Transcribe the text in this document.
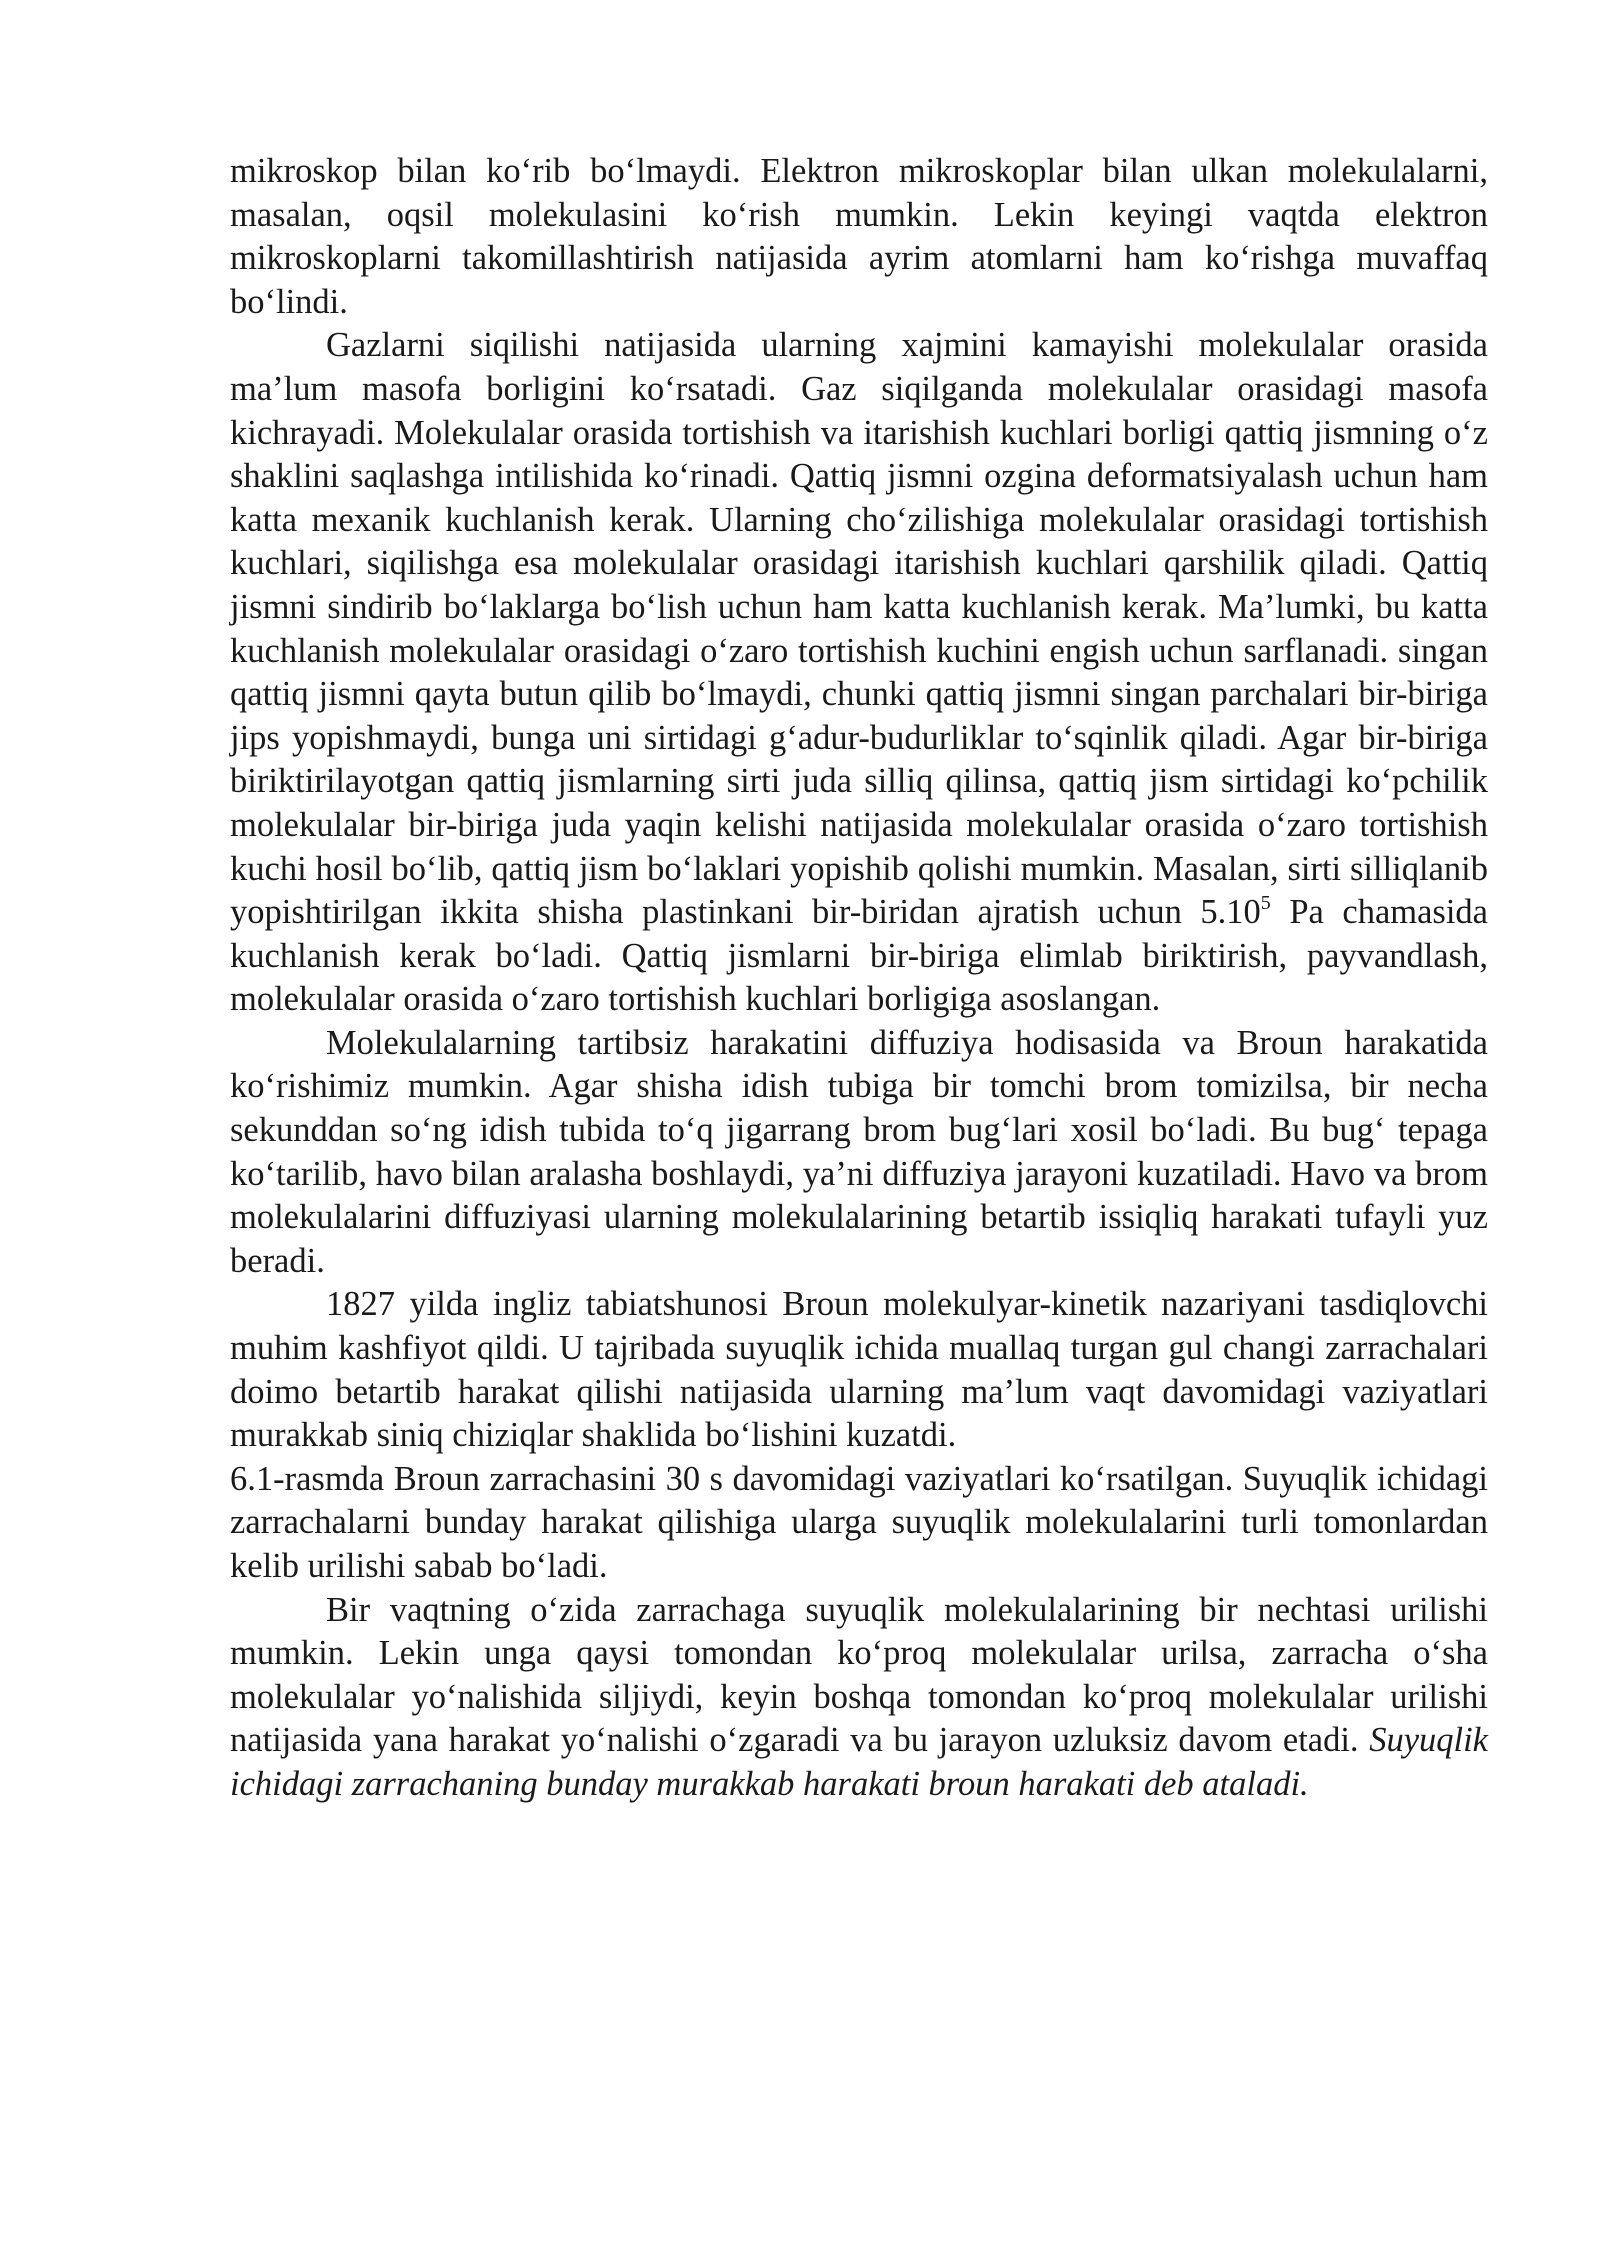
mikroskop bilan ko‘rib bo‘lmaydi. Elektron mikroskoplar bilan ulkan molekulalarni, masalan, oqsil molekulasini ko‘rish mumkin. Lekin keyingi vaqtda elektron mikroskoplarni takomillashtirish natijasida ayrim atomlarni ham ko‘rishga muvaffaq bo‘lindi.

Gazlarni siqilishi natijasida ularning xajmini kamayishi molekulalar orasida ma’lum masofa borligini ko‘rsatadi. Gaz siqilganda molekulalar orasidagi masofa kichrayadi. Molekulalar orasida tortishish va itarishish kuchlari borligi qattiq jismning o‘z shaklini saqlashga intilishida ko‘rinadi. Qattiq jismni ozgina deformatsiyalash uchun ham katta mexanik kuchlanish kerak. Ularning cho‘zilishiga molekulalar orasidagi tortishish kuchlari, siqilishga esa molekulalar orasidagi itarishish kuchlari qarshilik qiladi. Qattiq jismni sindirib bo‘laklarga bo‘lish uchun ham katta kuchlanish kerak. Ma’lumki, bu katta kuchlanish molekulalar orasidagi o‘zaro tortishish kuchini engish uchun sarflanadi. singan qattiq jismni qayta butun qilib bo‘lmaydi, chunki qattiq jismni singan parchalari bir-biriga jips yopishmaydi, bunga uni sirtidagi g‘adur-budurliklar to‘sqinlik qiladi. Agar bir-biriga biriktirilayotgan qattiq jismlarning sirti juda silliq qilinsa, qattiq jism sirtidagi ko‘pchilik molekulalar bir-biriga juda yaqin kelishi natijasida molekulalar orasida o‘zaro tortishish kuchi hosil bo‘lib, qattiq jism bo‘laklari yopishib qolishi mumkin. Masalan, sirti silliqlanib yopishtirilgan ikkita shisha plastinkani bir-biridan ajratish uchun 5.10$^5$ Pa chamasida kuchlanish kerak bo‘ladi. Qattiq jismlarni bir-biriga elimlab biriktirish, payvandlash, molekulalar orasida o‘zaro tortishish kuchlari borligiga asoslangan.

Molekulalarning tartibsiz harakatini diffuziya hodisasida va Broun harakatida ko‘rishimiz mumkin. Agar shisha idish tubiga bir tomchi brom tomizilsa, bir necha sekunddan so‘ng idish tubida to‘q jigarrang brom bug‘lari xosil bo‘ladi. Bu bug‘ tepaga ko‘tarilib, havo bilan aralasha boshlaydi, ya’ni diffuziya jarayoni kuzatiladi. Havo va brom molekulalarini diffuziyasi ularning molekulalarining betartib issiqliq harakati tufayli yuz beradi.

1827 yilda ingliz tabiatshunosi Broun molekulyar-kinetik nazariyani tasdiqlovchi muhim kashfiyot qildi. U tajribada suyuqlik ichida muallaq turgan gul changi zarrachalari doimo betartib harakat qilishi natijasida ularning ma’lum vaqt davomidagi vaziyatlari murakkab siniq chiziqlar shaklida bo‘lishini kuzatdi.

6.1-rasmda Broun zarrachasini 30 s davomidagi vaziyatlari ko‘rsatilgan. Suyuqlik ichidagi zarrachalarni bunday harakat qilishiga ularga suyuqlik molekulalarini turli tomonlardan kelib urilishi sabab bo‘ladi.

Bir vaqtning o‘zida zarrachaga suyuqlik molekulalarining bir nechtasi urilishi mumkin. Lekin unga qaysi tomondan ko‘proq molekulalar urilsa, zarracha o‘sha molekulalar yo‘nalishida siljiydi, keyin boshqa tomondan ko‘proq molekulalar urilishi natijasida yana harakat yo‘nalishi o‘zgaradi va bu jarayon uzluksiz davom etadi. Suyuqlik ichidagi zarrachaning bunday murakkab harakati broun harakati deb ataladi.
